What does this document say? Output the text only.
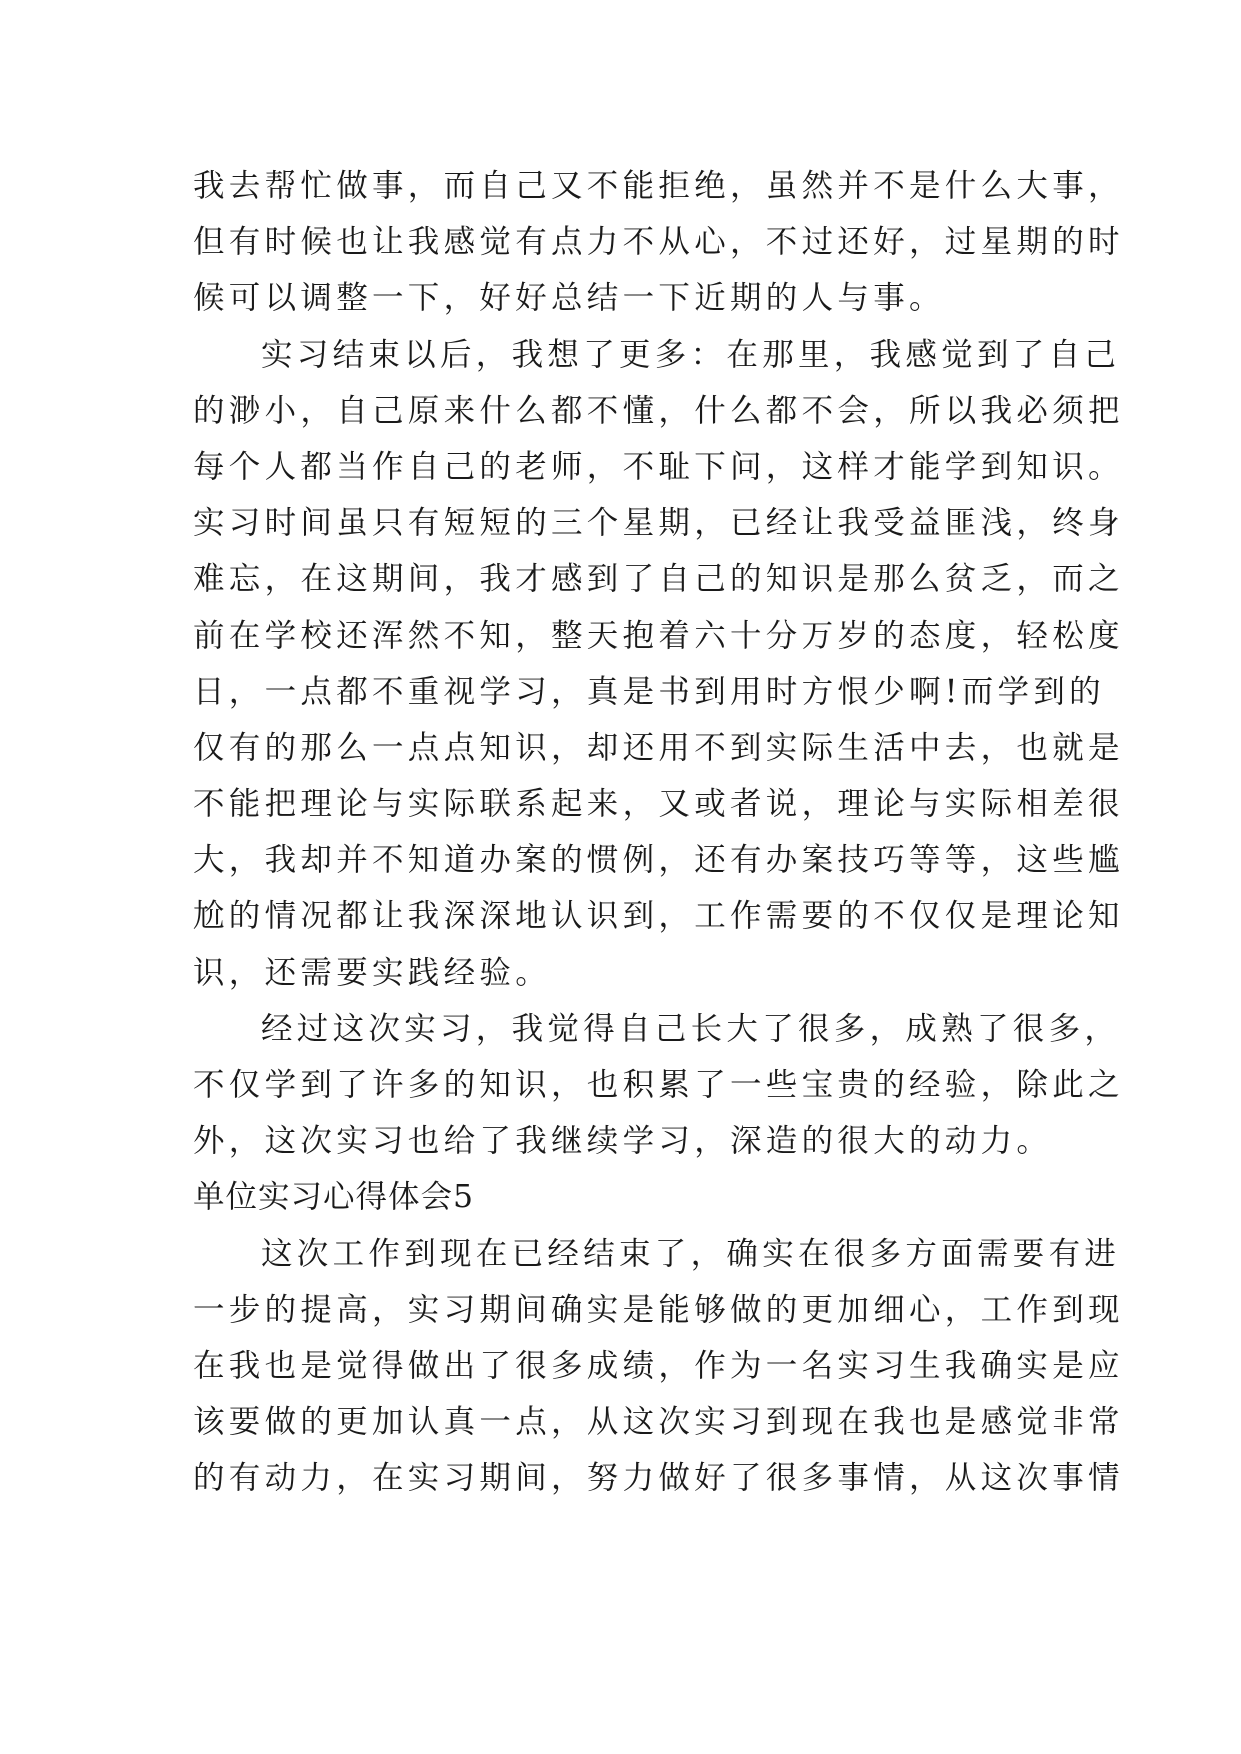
我去帮忙做事，而自己又不能拒绝，虽然并不是什么大事，
但有时候也让我感觉有点力不从心，不过还好，过星期的时
候可以调整一下，好好总结一下近期的人与事。
实习结束以后，我想了更多：在那里，我感觉到了自己
的渺小，自己原来什么都不懂，什么都不会，所以我必须把
每个人都当作自己的老师，不耻下问，这样才能学到知识。
实习时间虽只有短短的三个星期，已经让我受益匪浅，终身
难忘，在这期间，我才感到了自己的知识是那么贫乏，而之
前在学校还浑然不知，整天抱着六十分万岁的态度，轻松度
日，一点都不重视学习，真是书到用时方恨少啊!而学到的
仅有的那么一点点知识，却还用不到实际生活中去，也就是
不能把理论与实际联系起来，又或者说，理论与实际相差很
大，我却并不知道办案的惯例，还有办案技巧等等，这些尴
尬的情况都让我深深地认识到，工作需要的不仅仅是理论知
识，还需要实践经验。
经过这次实习，我觉得自己长大了很多，成熟了很多，
不仅学到了许多的知识，也积累了一些宝贵的经验，除此之
外，这次实习也给了我继续学习，深造的很大的动力。
单位实习心得体会5
这次工作到现在已经结束了，确实在很多方面需要有进
一步的提高，实习期间确实是能够做的更加细心，工作到现
在我也是觉得做出了很多成绩，作为一名实习生我确实是应
该要做的更加认真一点，从这次实习到现在我也是感觉非常
的有动力，在实习期间，努力做好了很多事情，从这次事情
